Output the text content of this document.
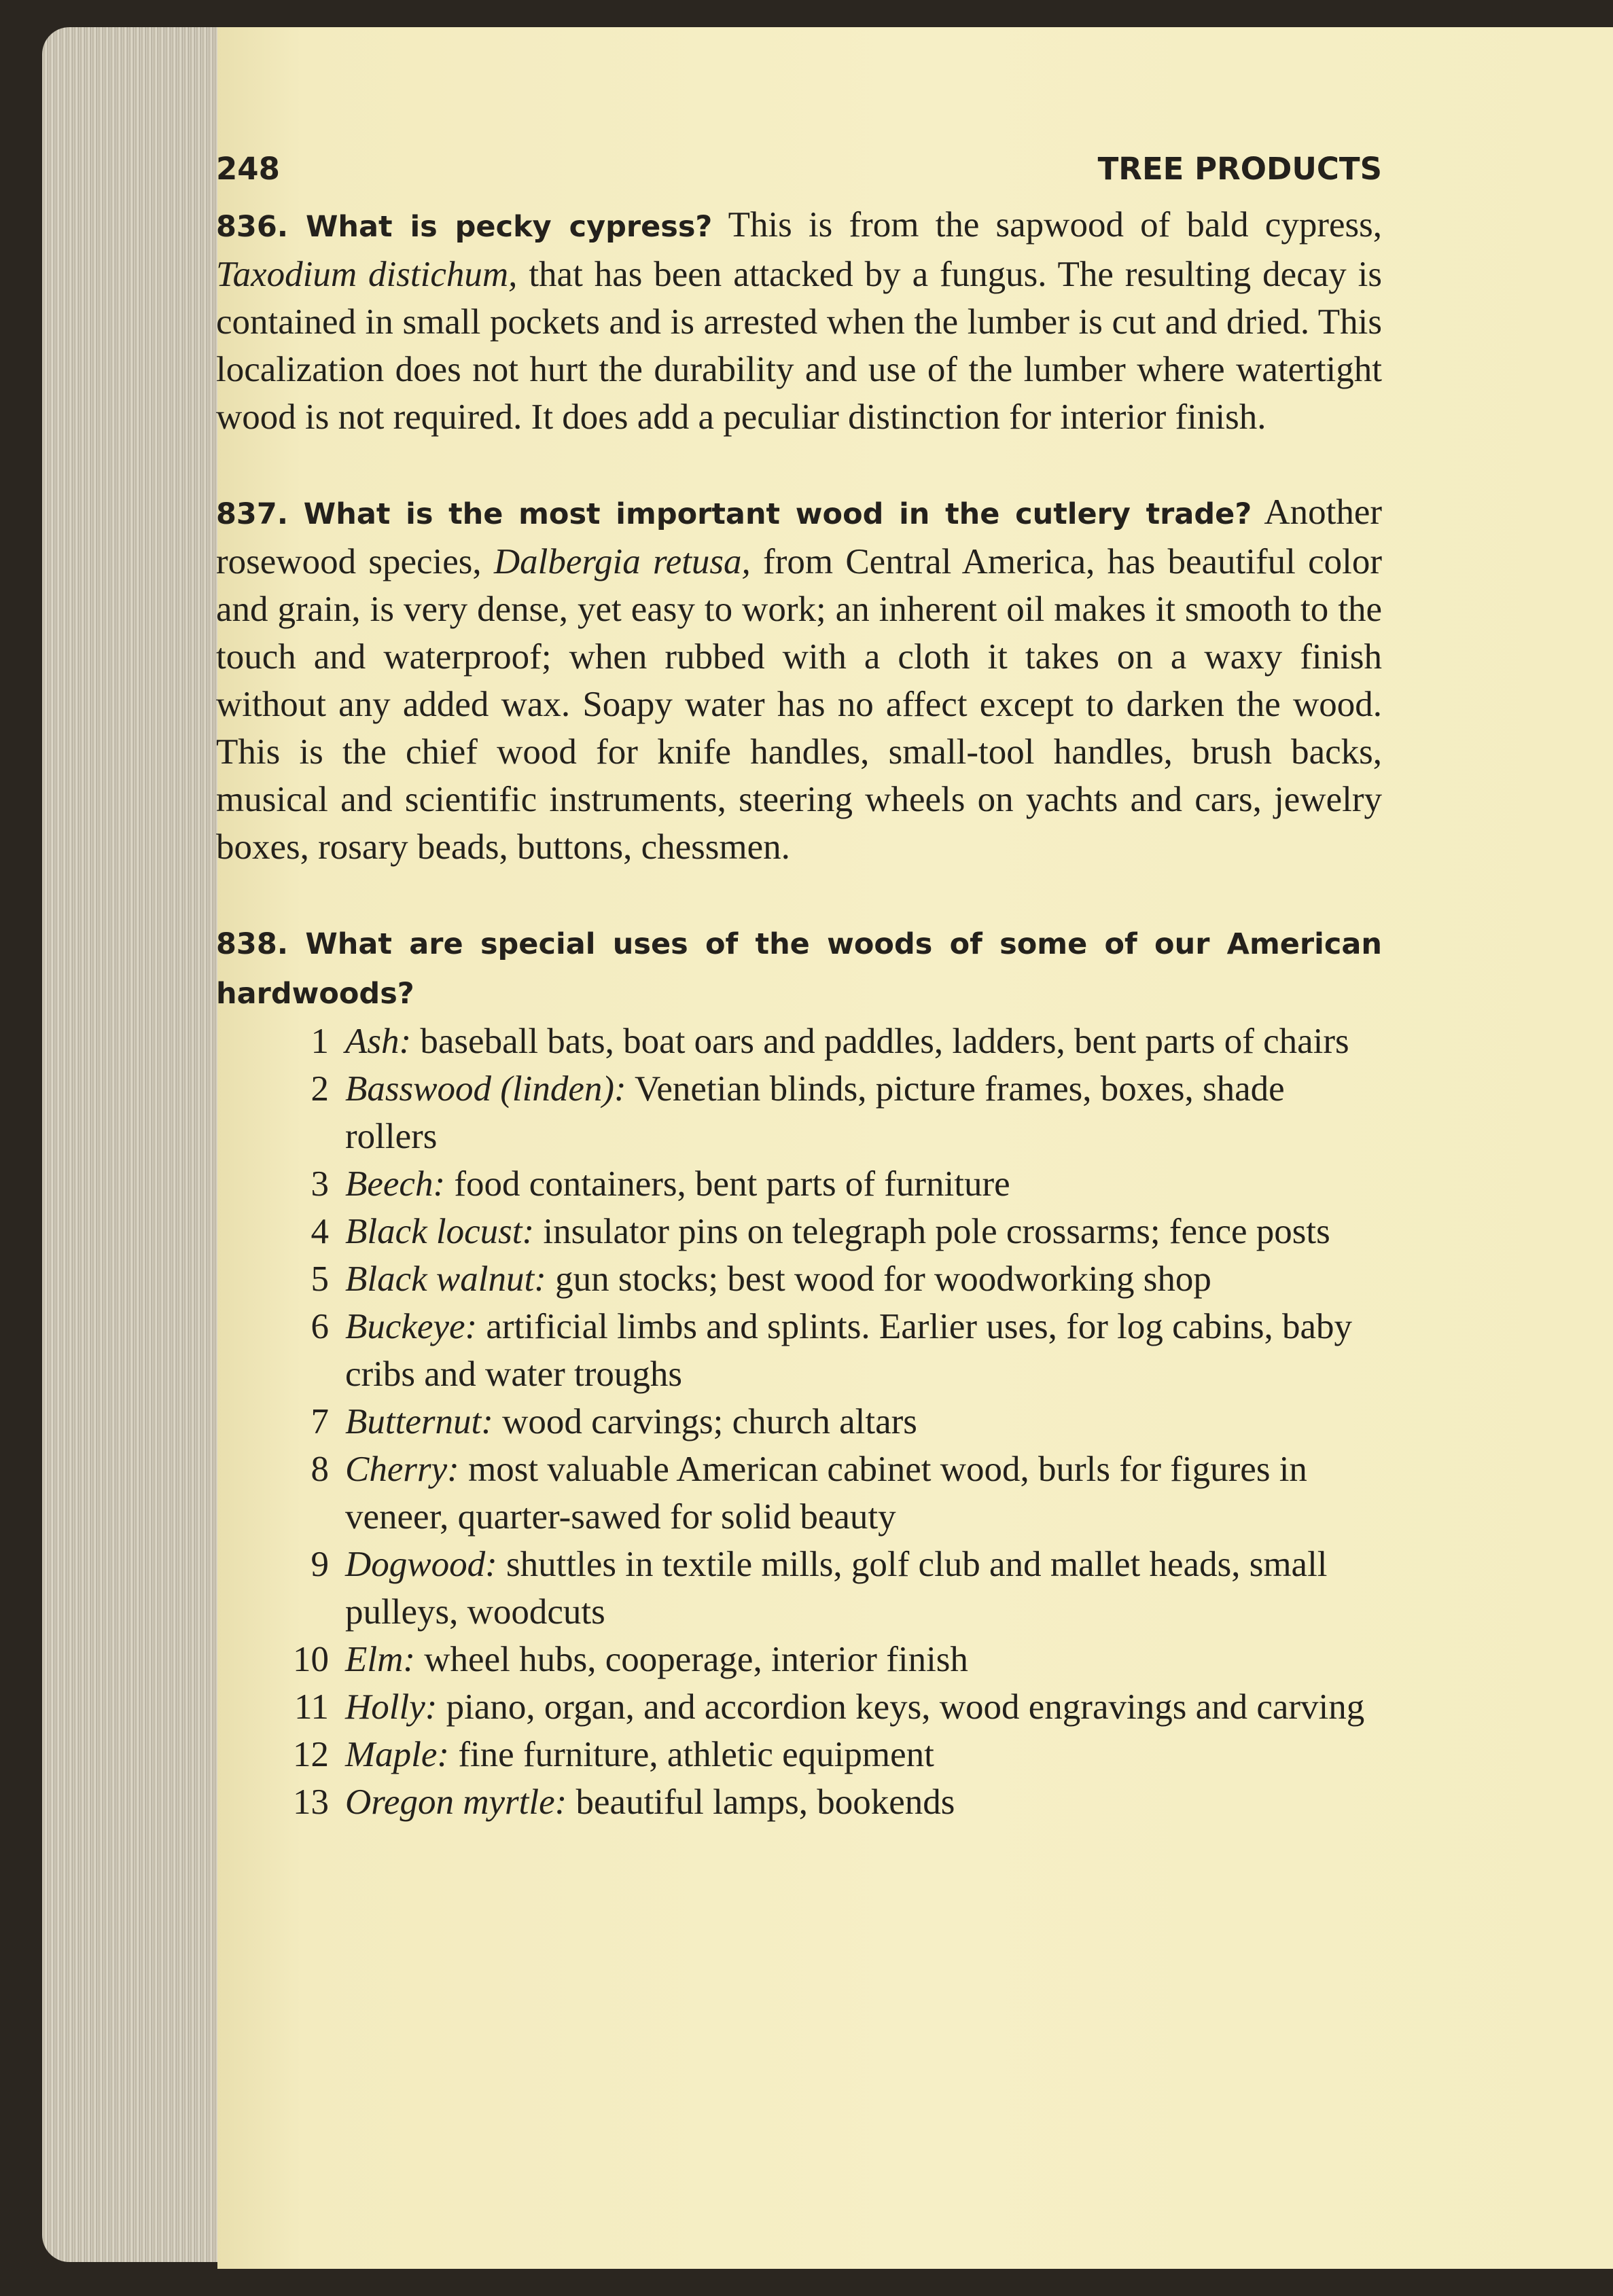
248	TREE PRODUCTS

836. What is pecky cypress? This is from the sapwood of bald cypress, Taxodium distichum, that has been attacked by a fungus. The resulting decay is contained in small pockets and is arrested when the lumber is cut and dried. This localization does not hurt the durability and use of the lumber where watertight wood is not required. It does add a peculiar distinction for interior finish.

837. What is the most important wood in the cutlery trade? Another rosewood species, Dalbergia retusa, from Central America, has beautiful color and grain, is very dense, yet easy to work; an inherent oil makes it smooth to the touch and waterproof; when rubbed with a cloth it takes on a waxy finish without any added wax. Soapy water has no affect except to darken the wood. This is the chief wood for knife handles, small-tool handles, brush backs, musical and scientific instruments, steering wheels on yachts and cars, jewelry boxes, rosary beads, buttons, chessmen.

838. What are special uses of the woods of some of our American hardwoods?

1 Ash: baseball bats, boat oars and paddles, ladders, bent parts of chairs
2 Basswood (linden): Venetian blinds, picture frames, boxes, shade rollers
3 Beech: food containers, bent parts of furniture
4 Black locust: insulator pins on telegraph pole crossarms; fence posts
5 Black walnut: gun stocks; best wood for woodworking shop
6 Buckeye: artificial limbs and splints. Earlier uses, for log cabins, baby cribs and water troughs
7 Butternut: wood carvings; church altars
8 Cherry: most valuable American cabinet wood, burls for figures in veneer, quarter-sawed for solid beauty
9 Dogwood: shuttles in textile mills, golf club and mallet heads, small pulleys, woodcuts
10 Elm: wheel hubs, cooperage, interior finish
11 Holly: piano, organ, and accordion keys, wood engravings and carving
12 Maple: fine furniture, athletic equipment
13 Oregon myrtle: beautiful lamps, bookends
